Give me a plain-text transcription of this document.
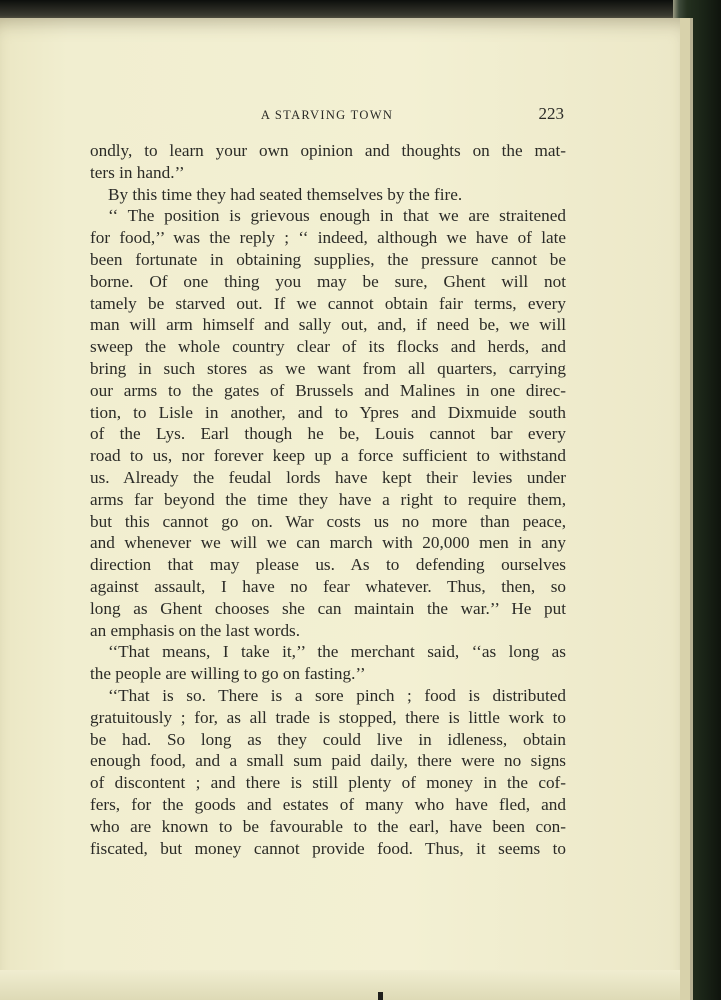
A STARVING TOWN	223
ondly, to learn your own opinion and thoughts on the mat-
ters in hand.’’
By this time they had seated themselves by the fire.
‘‘ The position is grievous enough in that we are straitened
for food,’’ was the reply ; ‘‘ indeed, although we have of late
been fortunate in obtaining supplies, the pressure cannot be
borne. Of one thing you may be sure, Ghent will not
tamely be starved out. If we cannot obtain fair terms, every
man will arm himself and sally out, and, if need be, we will
sweep the whole country clear of its flocks and herds, and
bring in such stores as we want from all quarters, carrying
our arms to the gates of Brussels and Malines in one direc-
tion, to Lisle in another, and to Ypres and Dixmuide south
of the Lys. Earl though he be, Louis cannot bar every
road to us, nor forever keep up a force sufficient to withstand
us. Already the feudal lords have kept their levies under
arms far beyond the time they have a right to require them,
but this cannot go on. War costs us no more than peace,
and whenever we will we can march with 20,000 men in any
direction that may please us. As to defending ourselves
against assault, I have no fear whatever. Thus, then, so
long as Ghent chooses she can maintain the war.’’ He put
an emphasis on the last words.
‘‘That means, I take it,’’ the merchant said, ‘‘as long as
the people are willing to go on fasting.’’
‘‘That is so. There is a sore pinch ; food is distributed
gratuitously ; for, as all trade is stopped, there is little work to
be had. So long as they could live in idleness, obtain
enough food, and a small sum paid daily, there were no signs
of discontent ; and there is still plenty of money in the cof-
fers, for the goods and estates of many who have fled, and
who are known to be favourable to the earl, have been con-
fiscated, but money cannot provide food. Thus, it seems to
